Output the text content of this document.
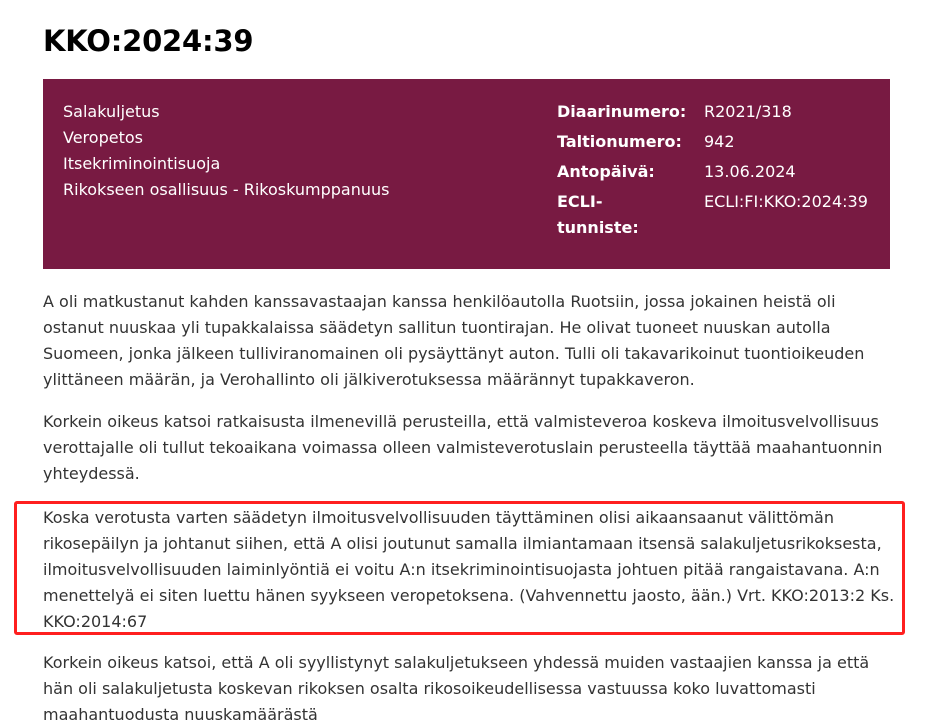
KKO:2024:39
Salakuljetus
Veropetos
Itsekriminointisuoja
Rikokseen osallisuus - Rikoskumppanuus
Diaarinumero:	R2021/318
Taltionumero:	942
Antopäivä:	13.06.2024
ECLI-tunniste:
ECLI:FI:KKO:2024:39

A oli matkustanut kahden kanssavastaajan kanssa henkilöautolla Ruotsiin, jossa jokainen heistä oli ostanut nuuskaa yli tupakkalaissa säädetyn sallitun tuontirajan. He olivat tuoneet nuuskan autolla Suomeen, jonka jälkeen tulliviranomainen oli pysäyttänyt auton. Tulli oli takavarikoinut tuontioikeuden ylittäneen määrän, ja Verohallinto oli jälkiverotuksessa määrännyt tupakkaveron.

Korkein oikeus katsoi ratkaisusta ilmenevillä perusteilla, että valmisteveroa koskeva ilmoitusvelvollisuus verottajalle oli tullut tekoaikana voimassa olleen valmisteverotuslain perusteella täyttää maahantuonnin yhteydessä.

Koska verotusta varten säädetyn ilmoitusvelvollisuuden täyttäminen olisi aikaansaanut välittömän rikosepäilyn ja johtanut siihen, että A olisi joutunut samalla ilmiantamaan itsensä salakuljetusrikoksesta, ilmoitusvelvollisuuden laiminlyöntiä ei voitu A:n itsekriminointisuojasta johtuen pitää rangaistavana. A:n menettelyä ei siten luettu hänen syykseen veropetoksena. (Vahvennettu jaosto, ään.) Vrt. KKO:2013:2 Ks. KKO:2014:67

Korkein oikeus katsoi, että A oli syyllistynyt salakuljetukseen yhdessä muiden vastaajien kanssa ja että hän oli salakuljetusta koskevan rikoksen osalta rikosoikeudellisessa vastuussa koko luvattomasti maahantuodusta nuuskamäärästä
